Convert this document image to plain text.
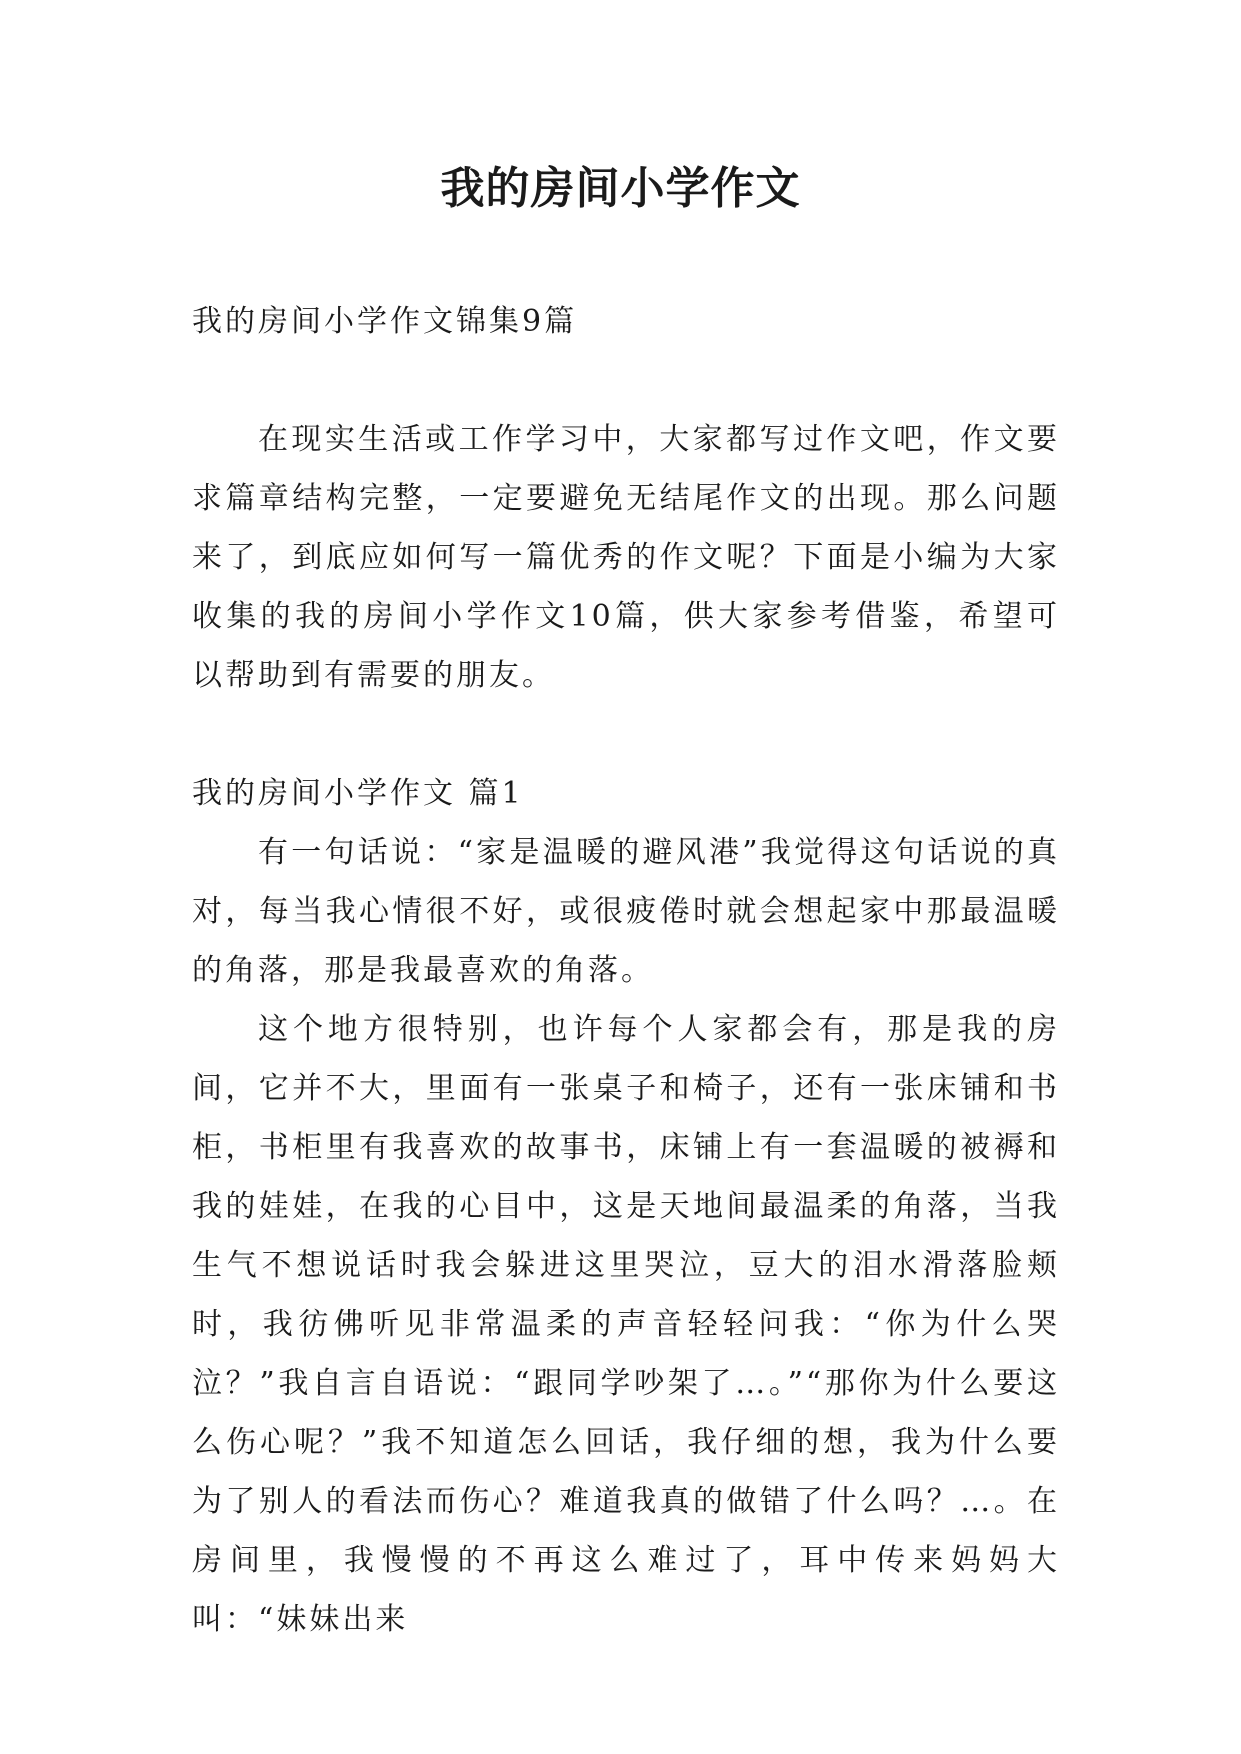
我的房间小学作文

我的房间小学作文锦集9篇

在现实生活或工作学习中，大家都写过作文吧，作文要求篇章结构完整，一定要避免无结尾作文的出现。那么问题来了，到底应如何写一篇优秀的作文呢？下面是小编为大家收集的我的房间小学作文10篇，供大家参考借鉴，希望可以帮助到有需要的朋友。

我的房间小学作文 篇1

有一句话说：“家是温暖的避风港”我觉得这句话说的真对，每当我心情很不好，或很疲倦时就会想起家中那最温暖的角落，那是我最喜欢的角落。

这个地方很特别，也许每个人家都会有，那是我的房间，它并不大，里面有一张桌子和椅子，还有一张床铺和书柜，书柜里有我喜欢的故事书，床铺上有一套温暖的被褥和我的娃娃，在我的心目中，这是天地间最温柔的角落，当我生气不想说话时我会躲进这里哭泣，豆大的泪水滑落脸颊时，我彷佛听见非常温柔的声音轻轻问我：“你为什么哭泣？”我自言自语说：“跟同学吵架了…。”“那你为什么要这么伤心呢？”我不知道怎么回话，我仔细的想，我为什么要为了别人的看法而伤心？难道我真的做错了什么吗？…。在房间里，我慢慢的不再这么难过了，耳中传来妈妈大叫：“妹妹出来
